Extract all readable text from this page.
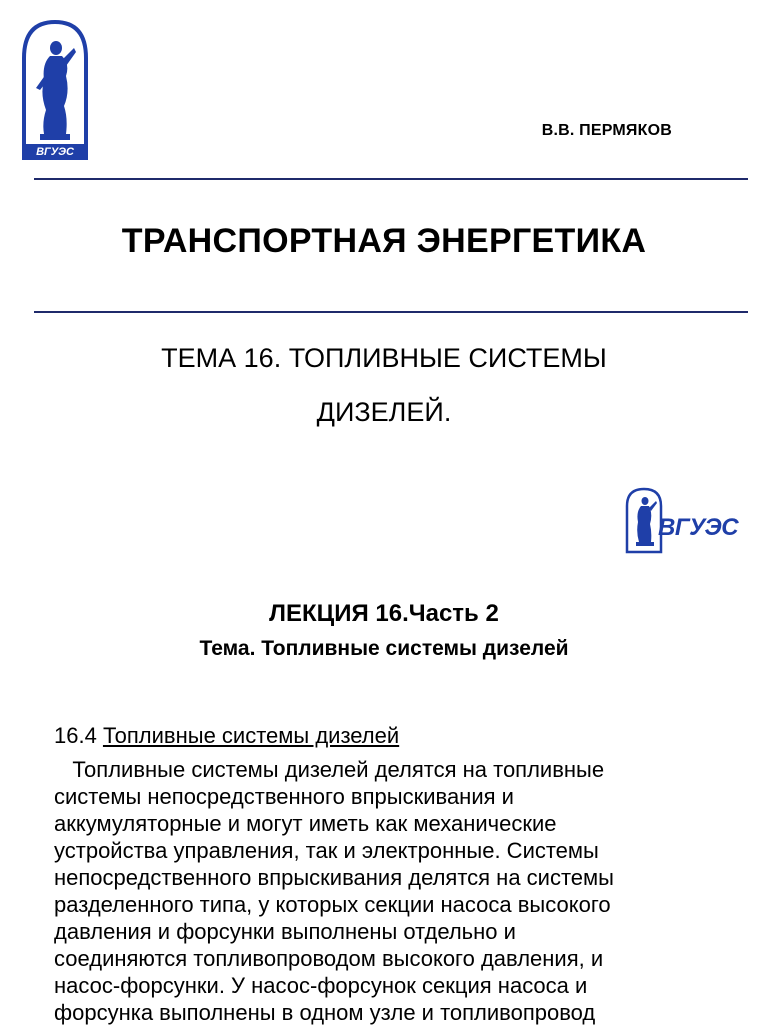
ВГУЭС
В.В. ПЕРМЯКОВ
ТРАНСПОРТНАЯ ЭНЕРГЕТИКА
ТЕМА 16. ТОПЛИВНЫЕ СИСТЕМЫ
ДИЗЕЛЕЙ.
ВГУЭС
ЛЕКЦИЯ 16.Часть 2
Тема. Топливные системы дизелей
16.4 Топливные системы дизелей
Топливные системы дизелей делятся на топливные
системы непосредственного впрыскивания и
аккумуляторные и могут иметь как механические
устройства управления, так и электронные. Системы
непосредственного впрыскивания делятся на системы
разделенного типа, у которых секции насоса высокого
давления и форсунки выполнены отдельно и
соединяются топливопроводом высокого давления, и
насос-форсунки. У насос-форсунок секция насоса и
форсунка выполнены в одном узле и топливопровод
